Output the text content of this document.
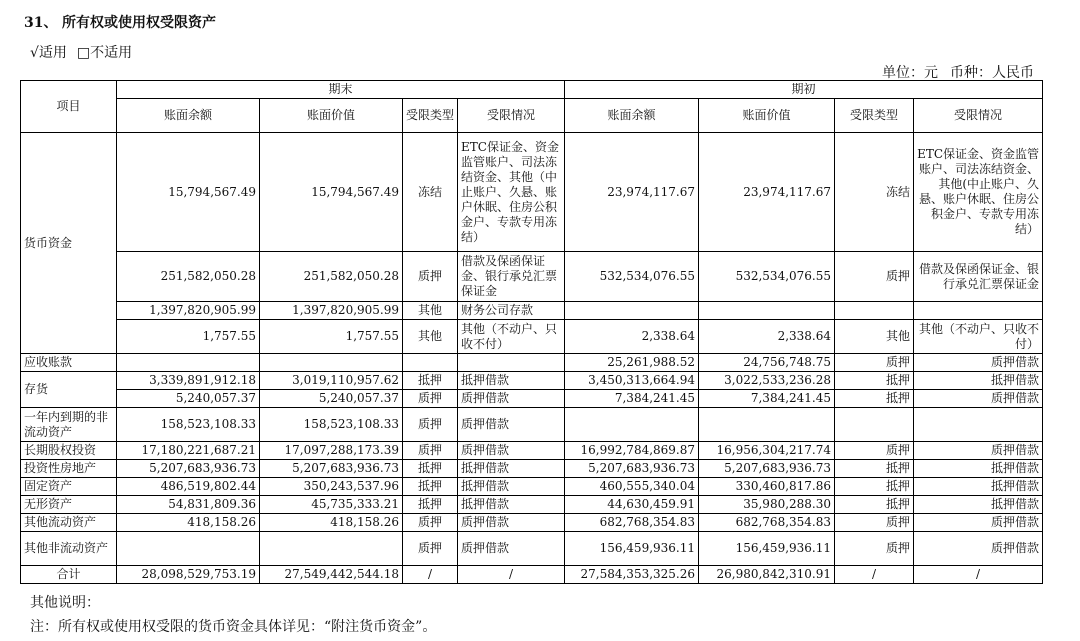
31、 所有权或使用权受限资产
√适用 □不适用
单位：元 币种：人民币
项目	期末				期初			
	账面余额	账面价值	受限类型	受限情况	账面余额	账面价值	受限类型	受限情况
货币资金	15,794,567.49	15,794,567.49	冻结	ETC保证金、资金监管账户、司法冻结资金、其他（中止账户、久悬、账户休眠、住房公积金户、专款专用冻结）	23,974,117.67	23,974,117.67	冻结	ETC保证金、资金监管账户、司法冻结资金、其他(中止账户、久悬、账户休眠、住房公积金户、专款专用冻结）
	251,582,050.28	251,582,050.28	质押	借款及保函保证金、银行承兑汇票保证金	532,534,076.55	532,534,076.55	质押	借款及保函保证金、银行承兑汇票保证金
	1,397,820,905.99	1,397,820,905.99	其他	财务公司存款				
	1,757.55	1,757.55	其他	其他（不动户、只收不付）	2,338.64	2,338.64	其他	其他（不动户、只收不付）
应收账款					25,261,988.52	24,756,748.75	质押	质押借款
存货	3,339,891,912.18	3,019,110,957.62	抵押	抵押借款	3,450,313,664.94	3,022,533,236.28	抵押	抵押借款
	5,240,057.37	5,240,057.37	质押	质押借款	7,384,241.45	7,384,241.45	抵押	质押借款
一年内到期的非流动资产	158,523,108.33	158,523,108.33	质押	质押借款				
长期股权投资	17,180,221,687.21	17,097,288,173.39	质押	质押借款	16,992,784,869.87	16,956,304,217.74	质押	质押借款
投资性房地产	5,207,683,936.73	5,207,683,936.73	抵押	抵押借款	5,207,683,936.73	5,207,683,936.73	抵押	抵押借款
固定资产	486,519,802.44	350,243,537.96	抵押	抵押借款	460,555,340.04	330,460,817.86	抵押	抵押借款
无形资产	54,831,809.36	45,735,333.21	抵押	抵押借款	44,630,459.91	35,980,288.30	抵押	抵押借款
其他流动资产	418,158.26	418,158.26	质押	质押借款	682,768,354.83	682,768,354.83	质押	质押借款
其他非流动资产			质押	质押借款	156,459,936.11	156,459,936.11	质押	质押借款
合计	28,098,529,753.19	27,549,442,544.18	/	/	27,584,353,325.26	26,980,842,310.91	/	/
其他说明：
注：所有权或使用权受限的货币资金具体详见：“附注货币资金”。
